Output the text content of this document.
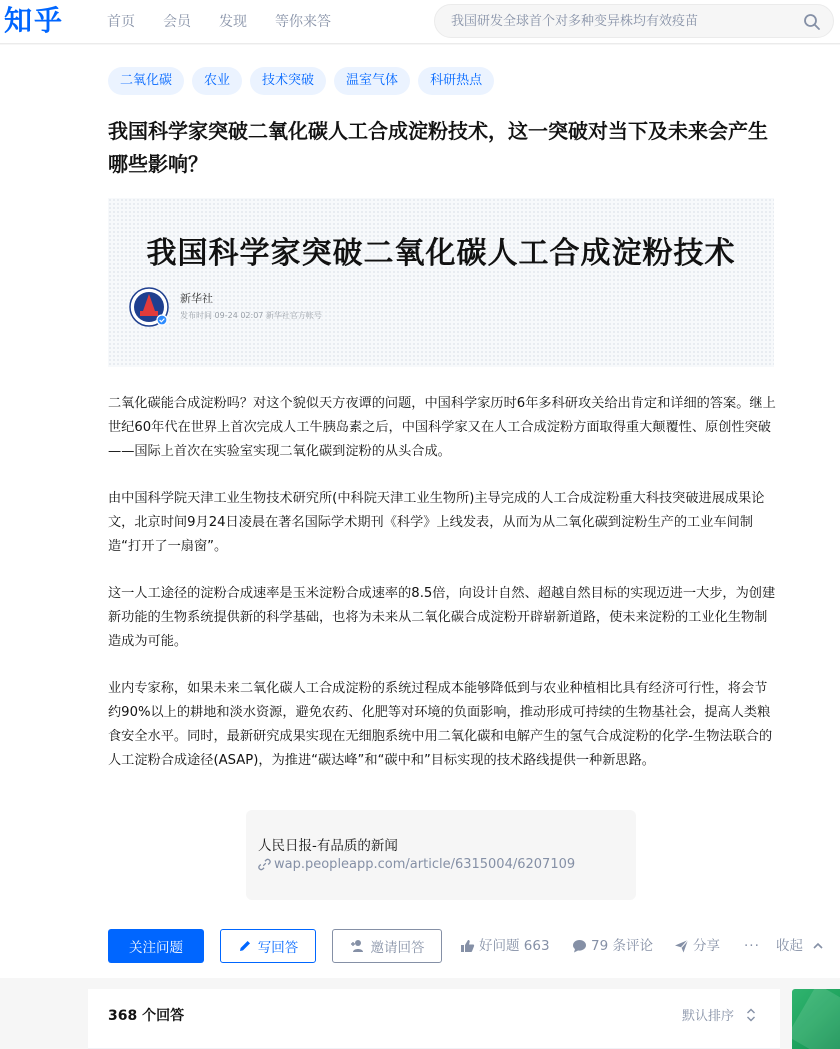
知乎	首页 会员 发现 等你来答
我国研发全球首个对多种变异株均有效疫苗
二氧化碳	农业	技术突破	温室气体	科研热点
我国科学家突破二氧化碳人工合成淀粉技术，这一突破对当下及未来会产生哪些影响？
我国科学家突破二氧化碳人工合成淀粉技术
新华社
发布时间 09-24 02:07 新华社官方帐号

二氧化碳能合成淀粉吗？对这个貌似天方夜谭的问题，中国科学家历时6年多科研攻关给出肯定和详细的答案。继上世纪60年代在世界上首次完成人工牛胰岛素之后，中国科学家又在人工合成淀粉方面取得重大颠覆性、原创性突破——国际上首次在实验室实现二氧化碳到淀粉的从头合成。

由中国科学院天津工业生物技术研究所(中科院天津工业生物所)主导完成的人工合成淀粉重大科技突破进展成果论文，北京时间9月24日凌晨在著名国际学术期刊《科学》上线发表，从而为从二氧化碳到淀粉生产的工业车间制造“打开了一扇窗”。

这一人工途径的淀粉合成速率是玉米淀粉合成速率的8.5倍，向设计自然、超越自然目标的实现迈进一大步，为创建新功能的生物系统提供新的科学基础，也将为未来从二氧化碳合成淀粉开辟崭新道路，使未来淀粉的工业化生物制造成为可能。

业内专家称，如果未来二氧化碳人工合成淀粉的系统过程成本能够降低到与农业种植相比具有经济可行性，将会节约90%以上的耕地和淡水资源，避免农药、化肥等对环境的负面影响，推动形成可持续的生物基社会，提高人类粮食安全水平。同时，最新研究成果实现在无细胞系统中用二氧化碳和电解产生的氢气合成淀粉的化学-生物法联合的人工淀粉合成途径(ASAP)，为推进“碳达峰”和“碳中和”目标实现的技术路线提供一种新思路。

人民日报-有品质的新闻
wap.peopleapp.com/article/6315004/6207109
关注问题	写回答	邀请回答	好问题 663	79 条评论	分享 ··· 收起
368 个回答	默认排序
